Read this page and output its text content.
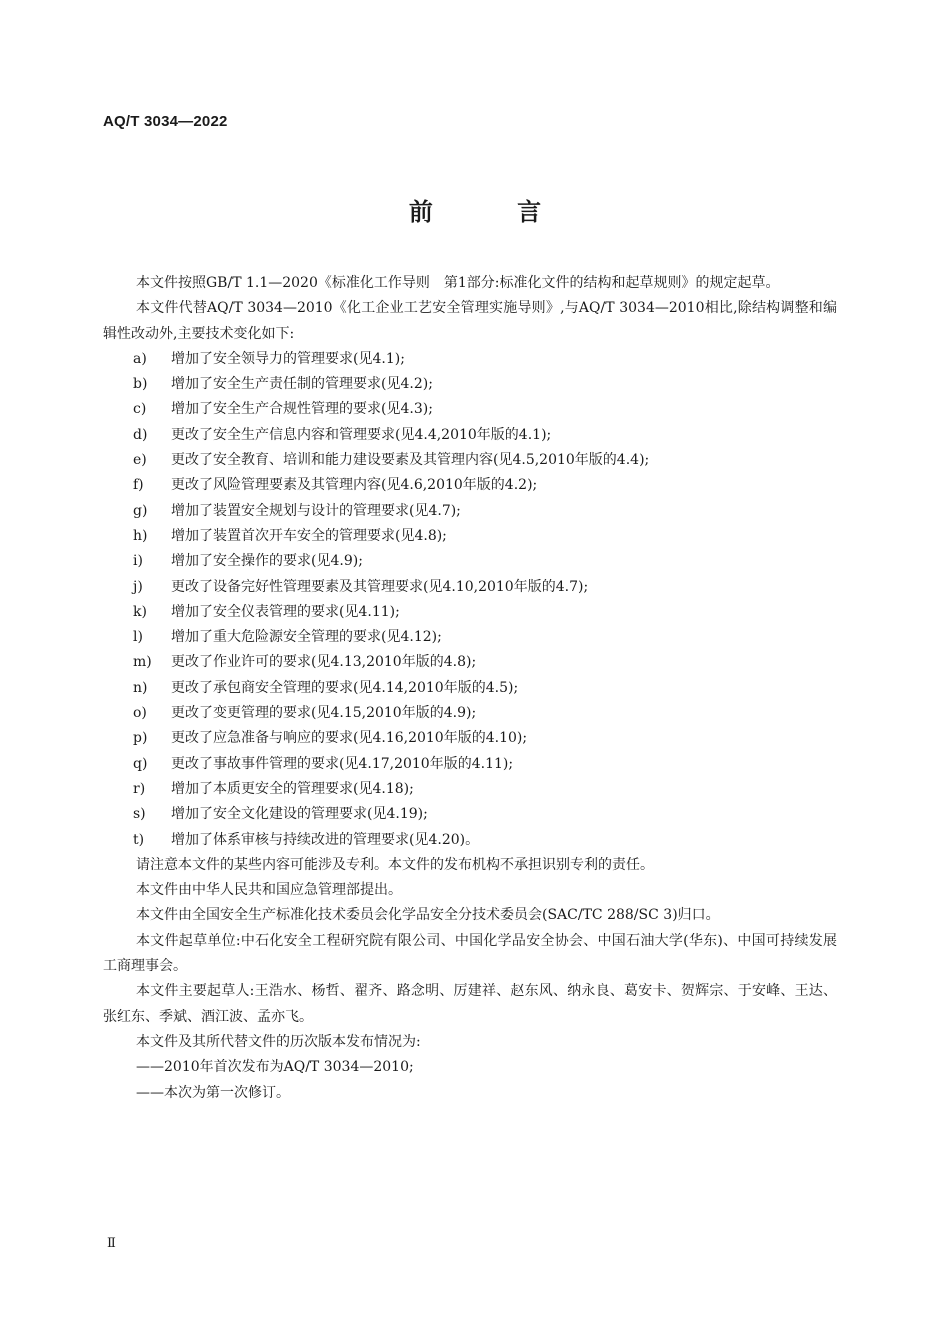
AQ/T 3034—2022
前 言
本文件按照GB/T 1.1—2020《标准化工作导则　第1部分:标准化文件的结构和起草规则》的规定起草。
本文件代替AQ/T 3034—2010《化工企业工艺安全管理实施导则》,与AQ/T 3034—2010相比,除结构调整和编辑性改动外,主要技术变化如下:
a)	增加了安全领导力的管理要求(见4.1);
b)	增加了安全生产责任制的管理要求(见4.2);
c)	增加了安全生产合规性管理的要求(见4.3);
d)	更改了安全生产信息内容和管理要求(见4.4,2010年版的4.1);
e)	更改了安全教育、培训和能力建设要素及其管理内容(见4.5,2010年版的4.4);
f)	更改了风险管理要素及其管理内容(见4.6,2010年版的4.2);
g)	增加了装置安全规划与设计的管理要求(见4.7);
h)	增加了装置首次开车安全的管理要求(见4.8);
i)	增加了安全操作的要求(见4.9);
j)	更改了设备完好性管理要素及其管理要求(见4.10,2010年版的4.7);
k)	增加了安全仪表管理的要求(见4.11);
l)	增加了重大危险源安全管理的要求(见4.12);
m)	更改了作业许可的要求(见4.13,2010年版的4.8);
n)	更改了承包商安全管理的要求(见4.14,2010年版的4.5);
o)	更改了变更管理的要求(见4.15,2010年版的4.9);
p)	更改了应急准备与响应的要求(见4.16,2010年版的4.10);
q)	更改了事故事件管理的要求(见4.17,2010年版的4.11);
r)	增加了本质更安全的管理要求(见4.18);
s)	增加了安全文化建设的管理要求(见4.19);
t)	增加了体系审核与持续改进的管理要求(见4.20)。
请注意本文件的某些内容可能涉及专利。本文件的发布机构不承担识别专利的责任。
本文件由中华人民共和国应急管理部提出。
本文件由全国安全生产标准化技术委员会化学品安全分技术委员会(SAC/TC 288/SC 3)归口。
本文件起草单位:中石化安全工程研究院有限公司、中国化学品安全协会、中国石油大学(华东)、中国可持续发展工商理事会。
本文件主要起草人:王浩水、杨哲、翟齐、路念明、厉建祥、赵东风、纳永良、葛安卡、贺辉宗、于安峰、王达、张红东、季斌、酒江波、孟亦飞。
本文件及其所代替文件的历次版本发布情况为:
——2010年首次发布为AQ/T 3034—2010;
——本次为第一次修订。
Ⅱ
